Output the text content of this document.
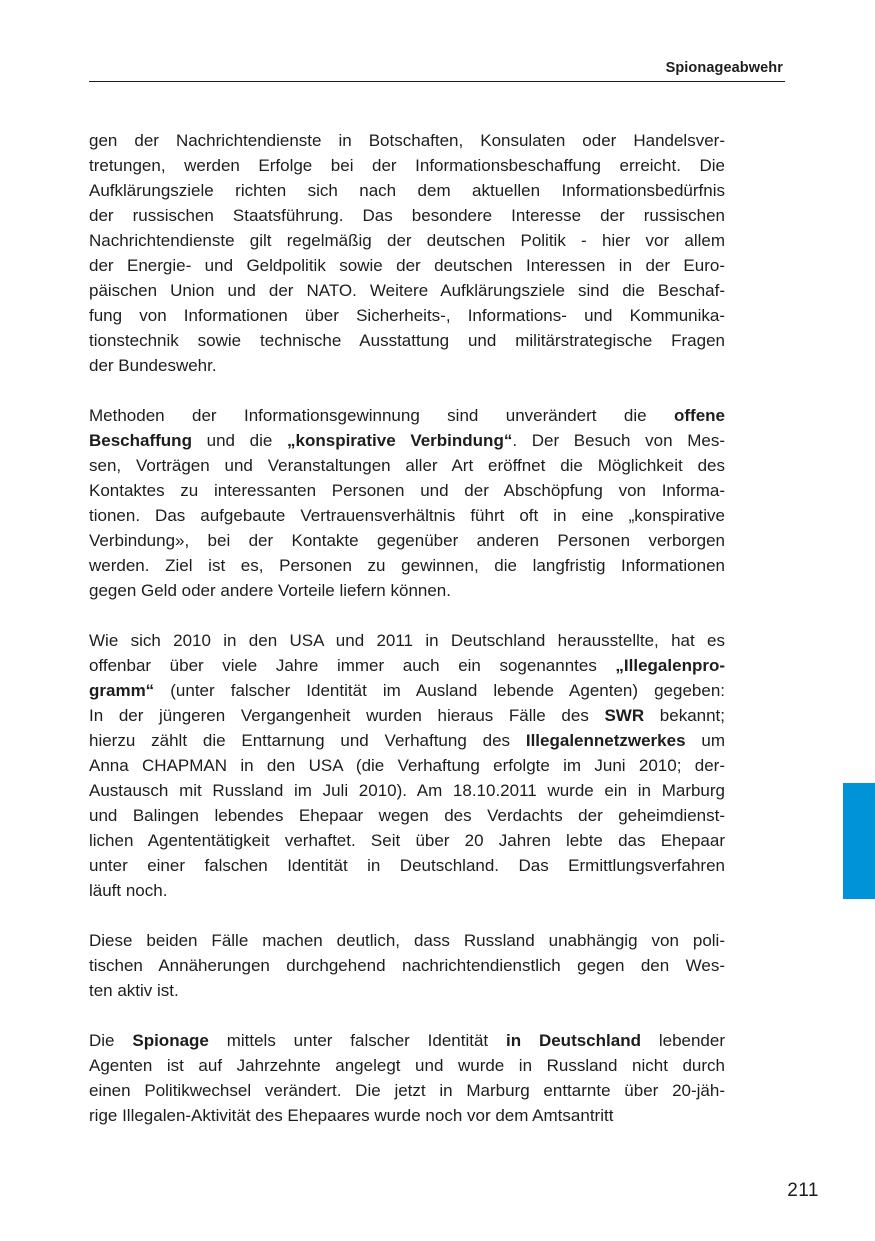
Spionageabwehr
gen der Nachrichtendienste in Botschaften, Konsulaten oder Handelsver-
tretungen, werden Erfolge bei der Informationsbeschaffung erreicht. Die
Aufklärungsziele richten sich nach dem aktuellen Informationsbedürfnis
der russischen Staatsführung. Das besondere Interesse der russischen
Nachrichtendienste gilt regelmäßig der deutschen Politik - hier vor allem
der Energie- und Geldpolitik sowie der deutschen Interessen in der Euro-
päischen Union und der NATO. Weitere Aufklärungsziele sind die Beschaf-
fung von Informationen über Sicherheits-, Informations- und Kommunika-
tionstechnik sowie technische Ausstattung und militärstrategische Fragen
der Bundeswehr.
Methoden der Informationsgewinnung sind unverändert die offene
Beschaffung und die „konspirative Verbindung“. Der Besuch von Mes-
sen, Vorträgen und Veranstaltungen aller Art eröffnet die Möglichkeit des
Kontaktes zu interessanten Personen und der Abschöpfung von Informa-
tionen. Das aufgebaute Vertrauensverhältnis führt oft in eine „konspirative
Verbindung», bei der Kontakte gegenüber anderen Personen verborgen
werden. Ziel ist es, Personen zu gewinnen, die langfristig Informationen
gegen Geld oder andere Vorteile liefern können.
Wie sich 2010 in den USA und 2011 in Deutschland herausstellte, hat es
offenbar über viele Jahre immer auch ein sogenanntes „Illegalenpro-
gramm“ (unter falscher Identität im Ausland lebende Agenten) gegeben:
In der jüngeren Vergangenheit wurden hieraus Fälle des SWR bekannt;
hierzu zählt die Enttarnung und Verhaftung des Illegalennetzwerkes um
Anna CHAPMAN in den USA (die Verhaftung erfolgte im Juni 2010; der-
Austausch mit Russland im Juli 2010). Am 18.10.2011 wurde ein in Marburg
und Balingen lebendes Ehepaar wegen des Verdachts der geheimdienst-
lichen Agententätigkeit verhaftet. Seit über 20 Jahren lebte das Ehepaar
unter einer falschen Identität in Deutschland. Das Ermittlungsverfahren
läuft noch.
Diese beiden Fälle machen deutlich, dass Russland unabhängig von poli-
tischen Annäherungen durchgehend nachrichtendienstlich gegen den Wes-
ten aktiv ist.
Die Spionage mittels unter falscher Identität in Deutschland lebender
Agenten ist auf Jahrzehnte angelegt und wurde in Russland nicht durch
einen Politikwechsel verändert. Die jetzt in Marburg enttarnte über 20-jäh-
rige Illegalen-Aktivität des Ehepaares wurde noch vor dem Amtsantritt
211
